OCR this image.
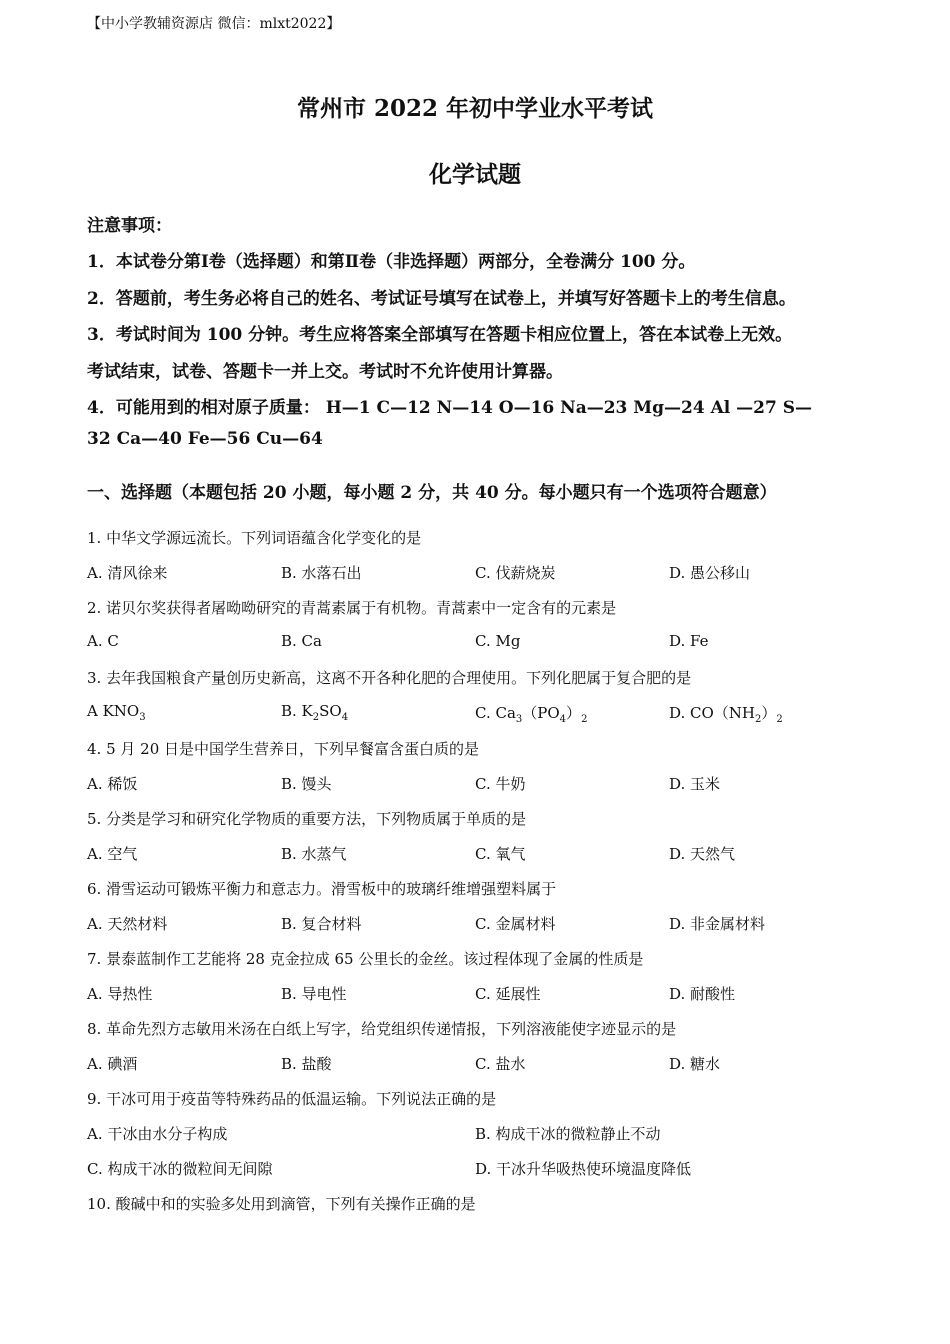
【中小学教辅资源店 微信：mlxt2022】
常州市 2022 年初中学业水平考试
化学试题
注意事项：
1．本试卷分第Ⅰ卷（选择题）和第Ⅱ卷（非选择题）两部分，全卷满分 100 分。
2．答题前，考生务必将自己的姓名、考试证号填写在试卷上，并填写好答题卡上的考生信息。
3．考试时间为 100 分钟。考生应将答案全部填写在答题卡相应位置上，答在本试卷上无效。
考试结束，试卷、答题卡一并上交。考试时不允许使用计算器。
4．可能用到的相对原子质量： H—1 C—12 N—14 O—16 Na—23 Mg—24 Al —27 S—
32 Ca—40 Fe—56 Cu—64
一、选择题（本题包括 20 小题，每小题 2 分，共 40 分。每小题只有一个选项符合题意）
1. 中华文学源远流长。下列词语蕴含化学变化的是
A. 清风徐来	B. 水落石出	C. 伐薪烧炭	D. 愚公移山
2. 诺贝尔奖获得者屠呦呦研究的青蒿素属于有机物。青蒿素中一定含有的元素是
A. C	B. Ca	C. Mg	D. Fe
3. 去年我国粮食产量创历史新高，这离不开各种化肥的合理使用。下列化肥属于复合肥的是
A $KNO_3$	B. $K_2SO_4$	C. $Ca_3(PO_4)_2$	D. $CO(NH_2)_2$
4. 5 月 20 日是中国学生营养日，下列早餐富含蛋白质的是
A. 稀饭	B. 馒头	C. 牛奶	D. 玉米
5. 分类是学习和研究化学物质的重要方法，下列物质属于单质的是
A. 空气	B. 水蒸气	C. 氧气	D. 天然气
6. 滑雪运动可锻炼平衡力和意志力。滑雪板中的玻璃纤维增强塑料属于
A. 天然材料	B. 复合材料	C. 金属材料	D. 非金属材料
7. 景泰蓝制作工艺能将 28 克金拉成 65 公里长的金丝。该过程体现了金属的性质是
A. 导热性	B. 导电性	C. 延展性	D. 耐酸性
8. 革命先烈方志敏用米汤在白纸上写字，给党组织传递情报，下列溶液能使字迹显示的是
A. 碘酒	B. 盐酸	C. 盐水	D. 糖水
9. 干冰可用于疫苗等特殊药品的低温运输。下列说法正确的是
A. 干冰由水分子构成	B. 构成干冰的微粒静止不动
C. 构成干冰的微粒间无间隙	D. 干冰升华吸热使环境温度降低
10. 酸碱中和的实验多处用到滴管，下列有关操作正确的是
